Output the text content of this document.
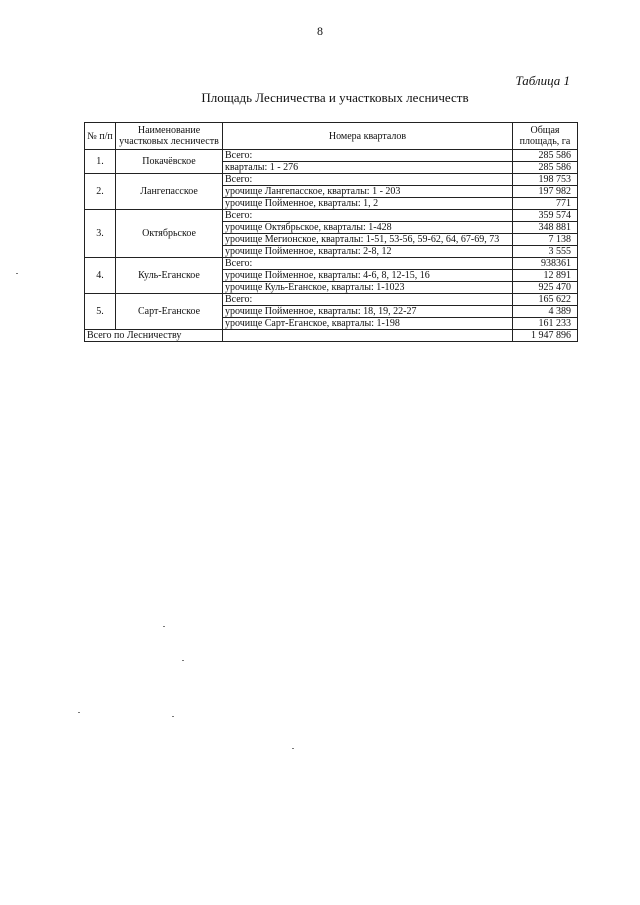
8
Таблица 1
Площадь Лесничества и участковых лесничеств
№ п/п	Наименование участковых лесничеств	Номера кварталов	Общая площадь, га
1.	Покачёвское	Всего:	285 586
		кварталы: 1 - 276	285 586
2.	Лангепасское	Всего:	198 753
		урочище Лангепасское, кварталы: 1 - 203	197 982
		урочище Пойменное, кварталы: 1, 2	771
3.	Октябрьское	Всего:	359 574
		урочище Октябрьское, кварталы: 1-428	348 881
		урочище Мегионское, кварталы: 1-51, 53-56, 59-62, 64, 67-69, 73	7 138
		урочище Пойменное, кварталы: 2-8, 12	3 555
4.	Куль-Еганское	Всего:	938361
		урочище Пойменное, кварталы: 4-6, 8, 12-15, 16	12 891
		урочище Куль-Еганское, кварталы: 1-1023	925 470
5.	Сарт-Еганское	Всего:	165 622
		урочище Пойменное, кварталы: 18, 19, 22-27	4 389
		урочище Сарт-Еганское, кварталы: 1-198	161 233
Всего по Лесничеству			1 947 896
